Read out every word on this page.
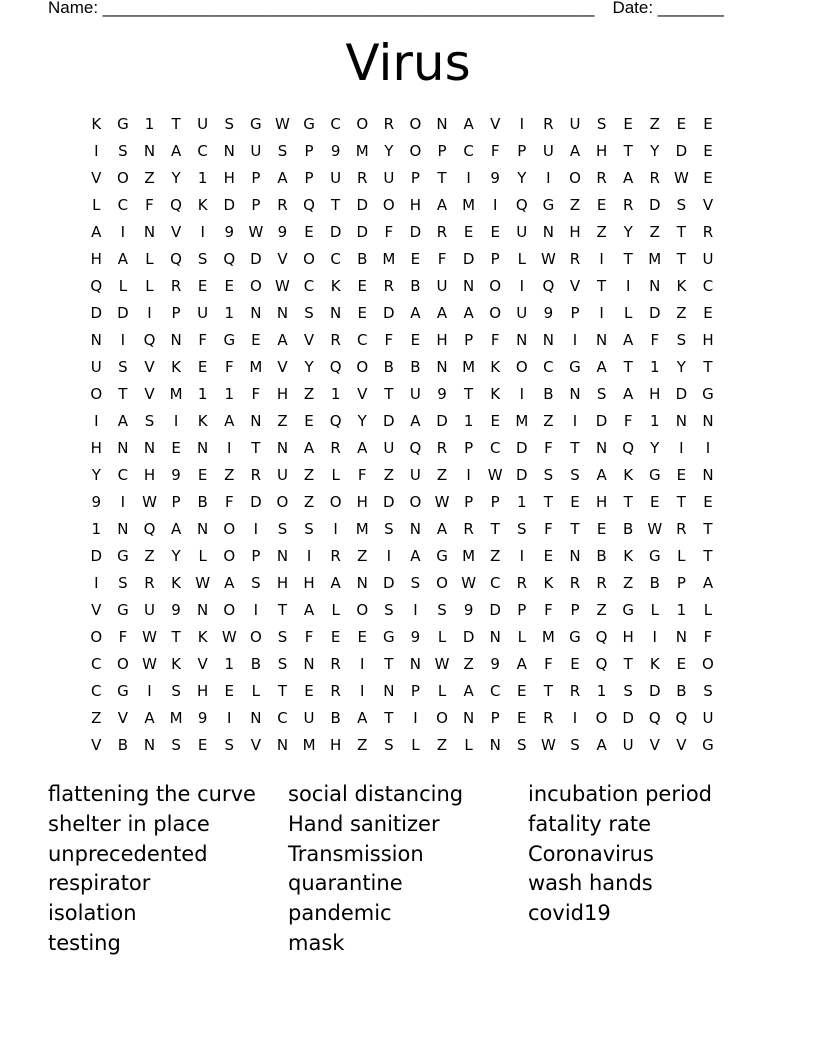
Name: ____________________________________________________ Date: _______
Virus
K	G	1	T	U	S	G W G	C	O	R	O	N	A	V	I	R	U	S	E	Z	E	E
I	S	N	A	C	N	U	S	P	9	M	Y	O	P	C	F	P	U	A	H	T	Y	D	E
V	O	Z	Y	1	H	P	A	P	U	R	U	P	T	I	9	Y	I	O	R	A	R W E
L	C	F	Q	K	D	P	R	Q	T	D O	H	A M	I	Q G	Z	E	R	D	S	V
A	I	N	V	I	9 W 9	E	D	D	F	D	R	E	E	U	N	H	Z	Y	Z	T	R
H	A	L	Q	S	Q D	V	O	C	B M	E	F	D	P	L	W R	I	T	M	T	U
Q	L	L	R	E	E	O W C	K	E	R	B	U	N	O	I	Q	V	T	I	N	K	C
D	D	I	P	U	1	N	N	S	N	E	D	A	A	A	O	U	9	P	I	L	D	Z	E
N	I	Q	N	F	G	E	A	V	R	C	F	E	H	P	F	N	N	I	N	A	F	S	H
U	S	V	K	E	F	M V	Y	Q O	B	B	N M	K	O	C	G	A	T	1	Y	T
O	T	V M	1	1	F	H	Z	1	V	T	U	9	T	K	I	B	N	S	A	H	D	G
I	A	S	I	K	A	N	Z	E	Q	Y	D	A	D	1	E	M Z	I	D	F	1	N	N
H	N	N	E	N	I	T	N	A	R	A	U	Q	R	P	C	D	F	T	N	Q	Y	I	I
Y	C	H	9	E	Z	R	U	Z	L	F	Z	U	Z	I	W D	S	S	A	K	G	E	N
9	I	W P	B	F	D O	Z	O	H	D O W P	P	1	T	E	H	T	E	T	E
1	N	Q	A	N	O	I	S	S	I	M	S	N	A	R	T	S	F	T	E	B W R	T
D	G	Z	Y	L	O	P	N	I	R	Z	I	A	G M Z	I	E	N	B	K	G	L	T
I	S	R	K W A	S	H	H	A	N	D	S	O W C	R	K	R	R	Z	B	P	A
V	G	U	9	N	O	I	T	A	L	O	S	I	S	9	D	P	F	P	Z	G	L	1	L
O	F W T	K W O	S	F	E	E	G	9	L	D	N	L	M G Q	H	I	N	F
C	O W K	V	1	B	S	N	R	I	T	N W Z	9	A	F	E	Q	T	K	E	O
C	G	I	S	H	E	L	T	E	R	I	N	P	L	A	C	E	T	R	1	S	D	B	S
Z	V	A M	9	I	N	C	U	B	A	T	I	O	N	P	E	R	I	O D Q Q	U
V	B	N	S	E	S	V	N M H	Z	S	L	Z	L	N	S W S	A	U	V	V	G
flattening the curve
shelter in place
unprecedented
respirator
isolation
testing
social distancing
Hand sanitizer
Transmission
quarantine
pandemic
mask
incubation period
fatality rate
Coronavirus
wash hands
covid19
